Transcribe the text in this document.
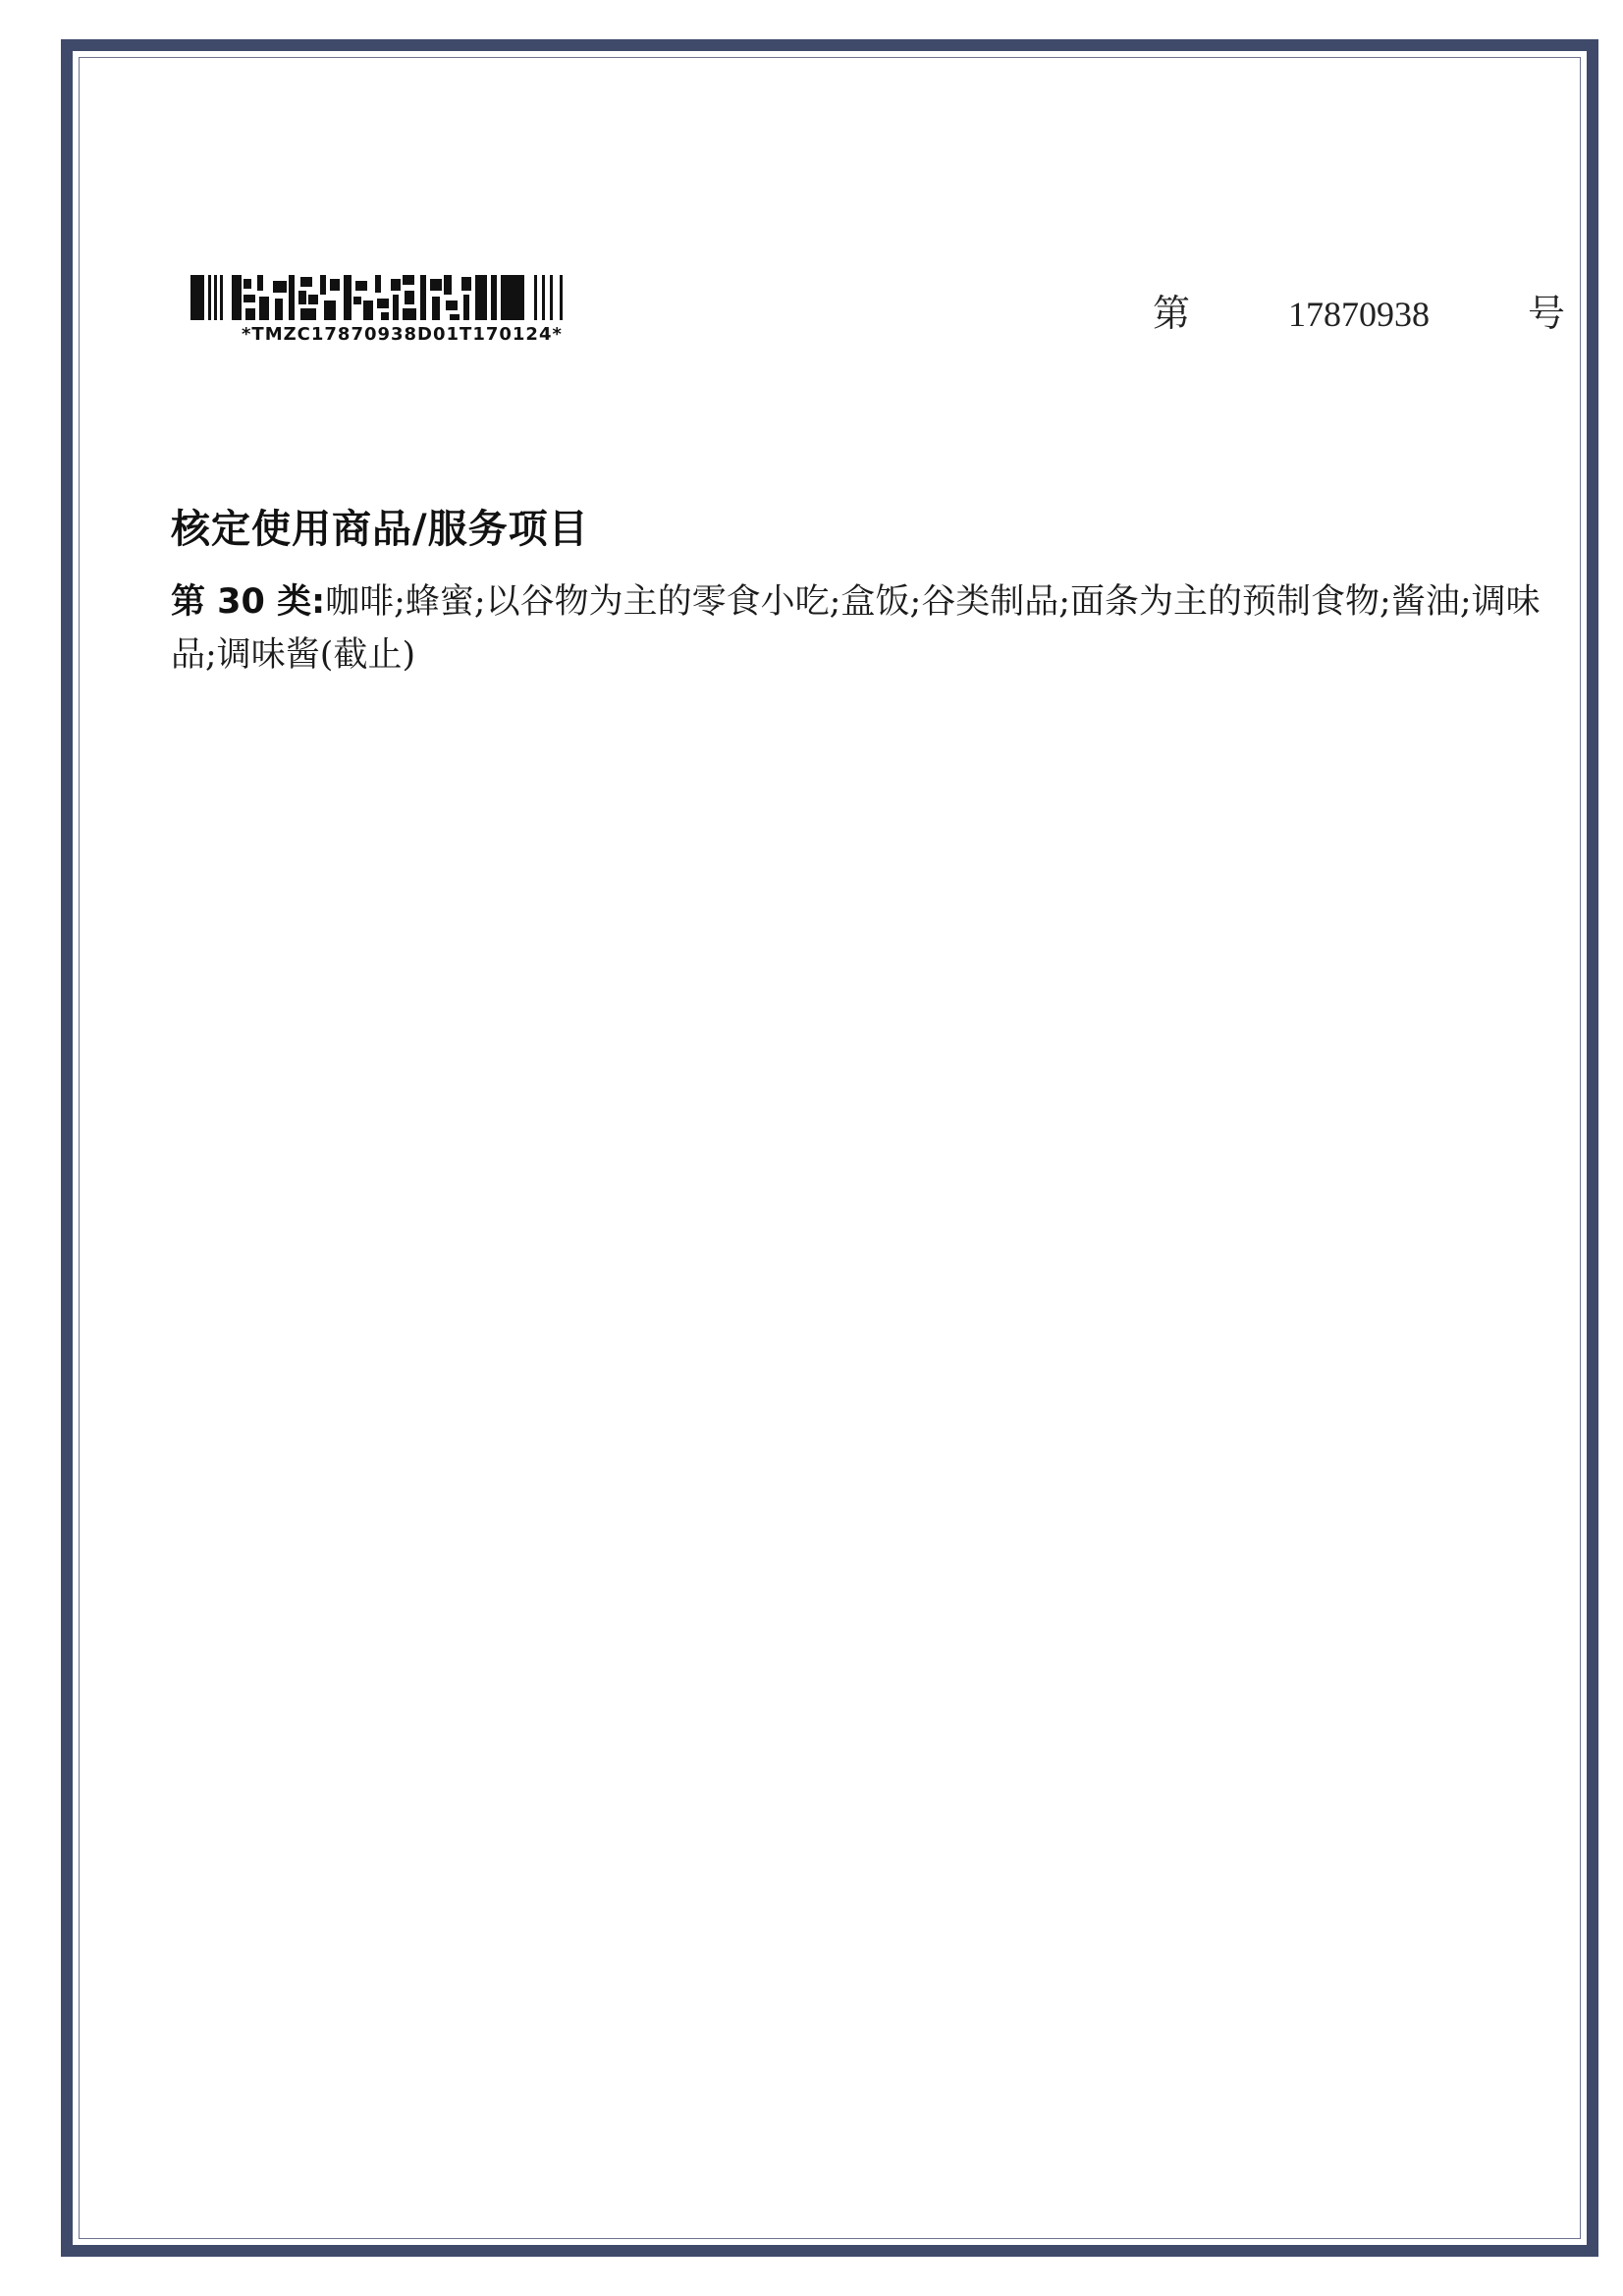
*TMZC17870938D01T170124*	第	17870938	号
核定使用商品/服务项目
第 30 类:咖啡;蜂蜜;以谷物为主的零食小吃;盒饭;谷类制品;面条为主的预制食物;酱油;调味品;调味酱(截止)
